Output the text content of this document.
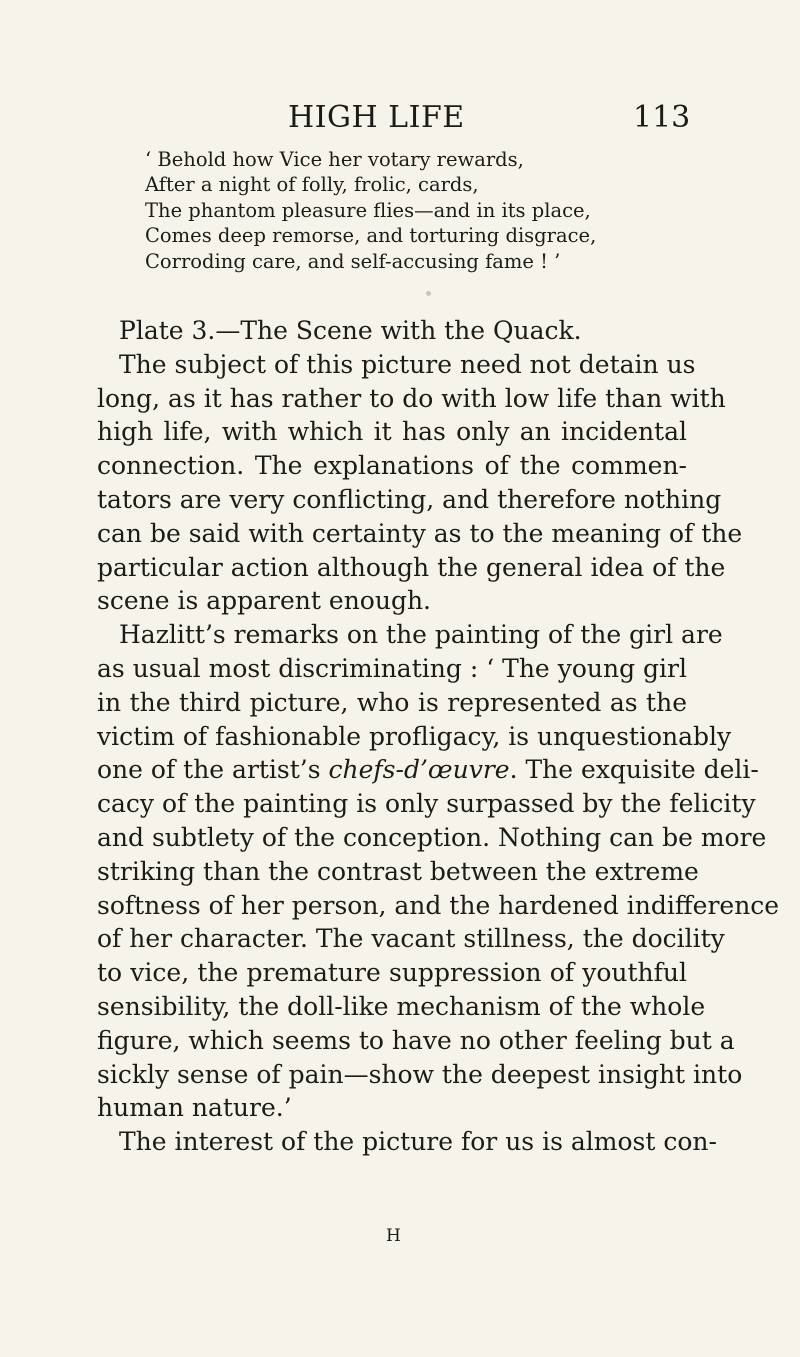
HIGH LIFE	113
‘ Behold how Vice her votary rewards,
After a night of folly, frolic, cards,
The phantom pleasure flies—and in its place,
Comes deep remorse, and torturing disgrace,
Corroding care, and self-accusing fame ! ’
Plate 3.—The Scene with the Quack.
The subject of this picture need not detain us
long, as it has rather to do with low life than with
high life, with which it has only an incidental
connection. The explanations of the commen-
tators are very conflicting, and therefore nothing
can be said with certainty as to the meaning of the
particular action although the general idea of the
scene is apparent enough.
Hazlitt’s remarks on the painting of the girl are
as usual most discriminating : ‘ The young girl
in the third picture, who is represented as the
victim of fashionable profligacy, is unquestionably
one of the artist’s chefs-d’œuvre. The exquisite deli-
cacy of the painting is only surpassed by the felicity
and subtlety of the conception. Nothing can be more
striking than the contrast between the extreme
softness of her person, and the hardened indifference
of her character. The vacant stillness, the docility
to vice, the premature suppression of youthful
sensibility, the doll-like mechanism of the whole
figure, which seems to have no other feeling but a
sickly sense of pain—show the deepest insight into
human nature.’
The interest of the picture for us is almost con-
H
